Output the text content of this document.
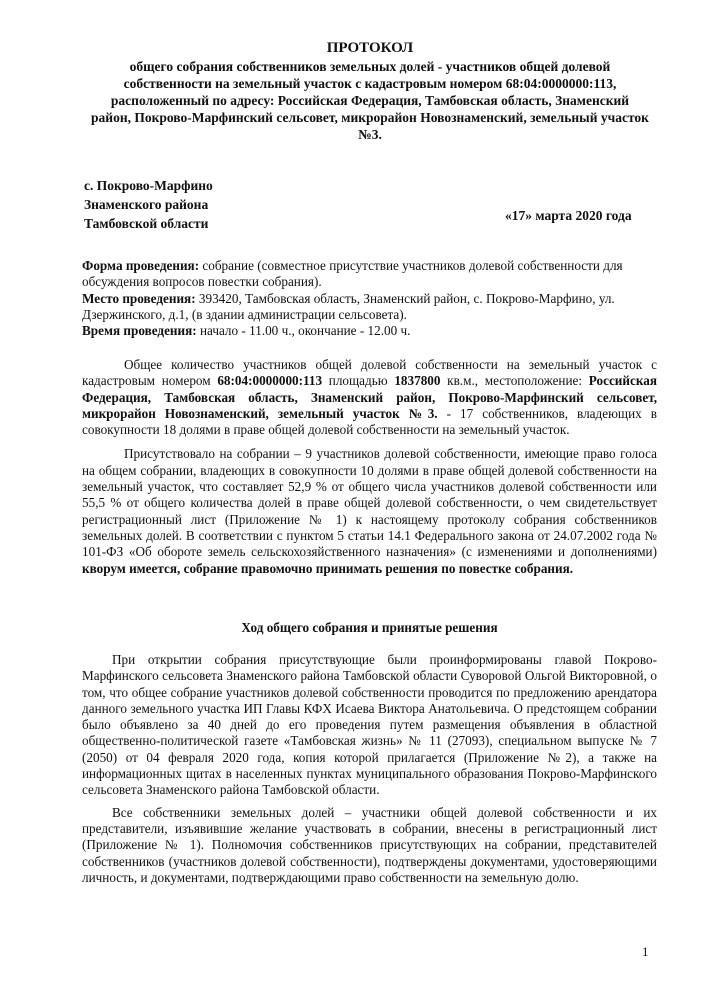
ПРОТОКОЛ
общего собрания собственников земельных долей - участников общей долевой собственности на земельный участок с кадастровым номером 68:04:0000000:113, расположенный по адресу: Российская Федерация, Тамбовская область, Знаменский район, Покрово-Марфинский сельсовет, микрорайон Новознаменский, земельный участок №3.
с. Покрово-Марфино
Знаменского района
Тамбовской области
«17» марта 2020 года

Форма проведения: собрание (совместное присутствие участников долевой собственности для обсуждения вопросов повестки собрания).

Место проведения: 393420, Тамбовская область, Знаменский район, с. Покрово-Марфино, ул. Дзержинского, д.1, (в здании администрации сельсовета).

Время проведения: начало - 11.00 ч., окончание - 12.00 ч.

Общее количество участников общей долевой собственности на земельный участок с кадастровым номером 68:04:0000000:113 площадью 1837800 кв.м., местоположение: Российская Федерация, Тамбовская область, Знаменский район, Покрово-Марфинский сельсовет, микрорайон Новознаменский, земельный участок №3. - 17 собственников, владеющих в совокупности 18 долями в праве общей долевой собственности на земельный участок.

Присутствовало на собрании – 9 участников долевой собственности, имеющие право голоса на общем собрании, владеющих в совокупности 10 долями в праве общей долевой собственности на земельный участок, что составляет 52,9 % от общего числа участников долевой собственности или 55,5 % от общего количества долей в праве общей долевой собственности, о чем свидетельствует регистрационный лист (Приложение № 1) к настоящему протоколу собрания собственников земельных долей. В соответствии с пунктом 5 статьи 14.1 Федерального закона от 24.07.2002 года № 101-ФЗ «Об обороте земель сельскохозяйственного назначения» (с изменениями и дополнениями) кворум имеется, собрание правомочно принимать решения по повестке собрания.

Ход общего собрания и принятые решения

При открытии собрания присутствующие были проинформированы главой Покрово-Марфинского сельсовета Знаменского района Тамбовской области Суворовой Ольгой Викторовной, о том, что общее собрание участников долевой собственности проводится по предложению арендатора данного земельного участка ИП Главы КФХ Исаева Виктора Анатольевича. О предстоящем собрании было объявлено за 40 дней до его проведения путем размещения объявления в областной общественно-политической газете «Тамбовская жизнь» № 11 (27093), специальном выпуске № 7 (2050) от 04 февраля 2020 года, копия которой прилагается (Приложение №2), а также на информационных щитах в населенных пунктах муниципального образования Покрово-Марфинского сельсовета Знаменского района Тамбовской области.

Все собственники земельных долей – участники общей долевой собственности и их представители, изъявившие желание участвовать в собрании, внесены в регистрационный лист (Приложение № 1). Полномочия собственников присутствующих на собрании, представителей собственников (участников долевой собственности), подтверждены документами, удостоверяющими личность, и документами, подтверждающими право собственности на земельную долю.

1
